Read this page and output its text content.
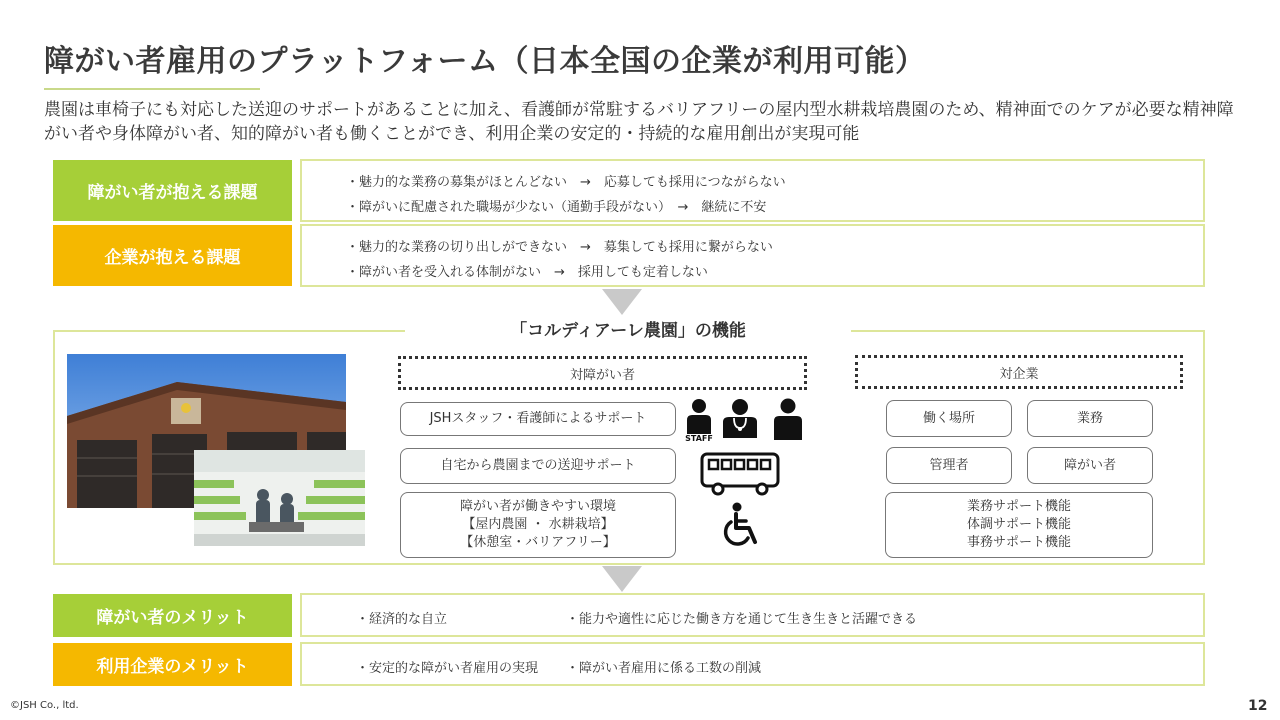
障がい者雇用のプラットフォーム（日本全国の企業が利用可能）
農園は車椅子にも対応した送迎のサポートがあることに加え、看護師が常駐するバリアフリーの屋内型水耕栽培農園のため、精神面でのケアが必要な精神障がい者や身体障がい者、知的障がい者も働くことができ、利用企業の安定的・持続的な雇用創出が実現可能
障がい者が抱える課題
・魅力的な業務の募集がほとんどない　→　応募しても採用につながらない
・障がいに配慮された職場が少ない（通勤手段がない）　→　継続に不安
企業が抱える課題
・魅力的な業務の切り出しができない　→　募集しても採用に繋がらない
・障がい者を受入れる体制がない　→　採用しても定着しない
「コルディアーレ農園」の機能
対障がい者
JSHスタッフ・看護師によるサポート
自宅から農園までの送迎サポート
障がい者が働きやすい環境
【屋内農園 ・ 水耕栽培】
【休憩室・バリアフリー】
STAFF
対企業
働く場所	業務
管理者	障がい者
業務サポート機能
体調サポート機能
事務サポート機能
障がい者のメリット	・経済的な自立	・能力や適性に応じた働き方を通じて生き生きと活躍できる
利用企業のメリット	・安定的な障がい者雇用の実現 ・障がい者雇用に係る工数の削減
©JSH Co., ltd.	12
